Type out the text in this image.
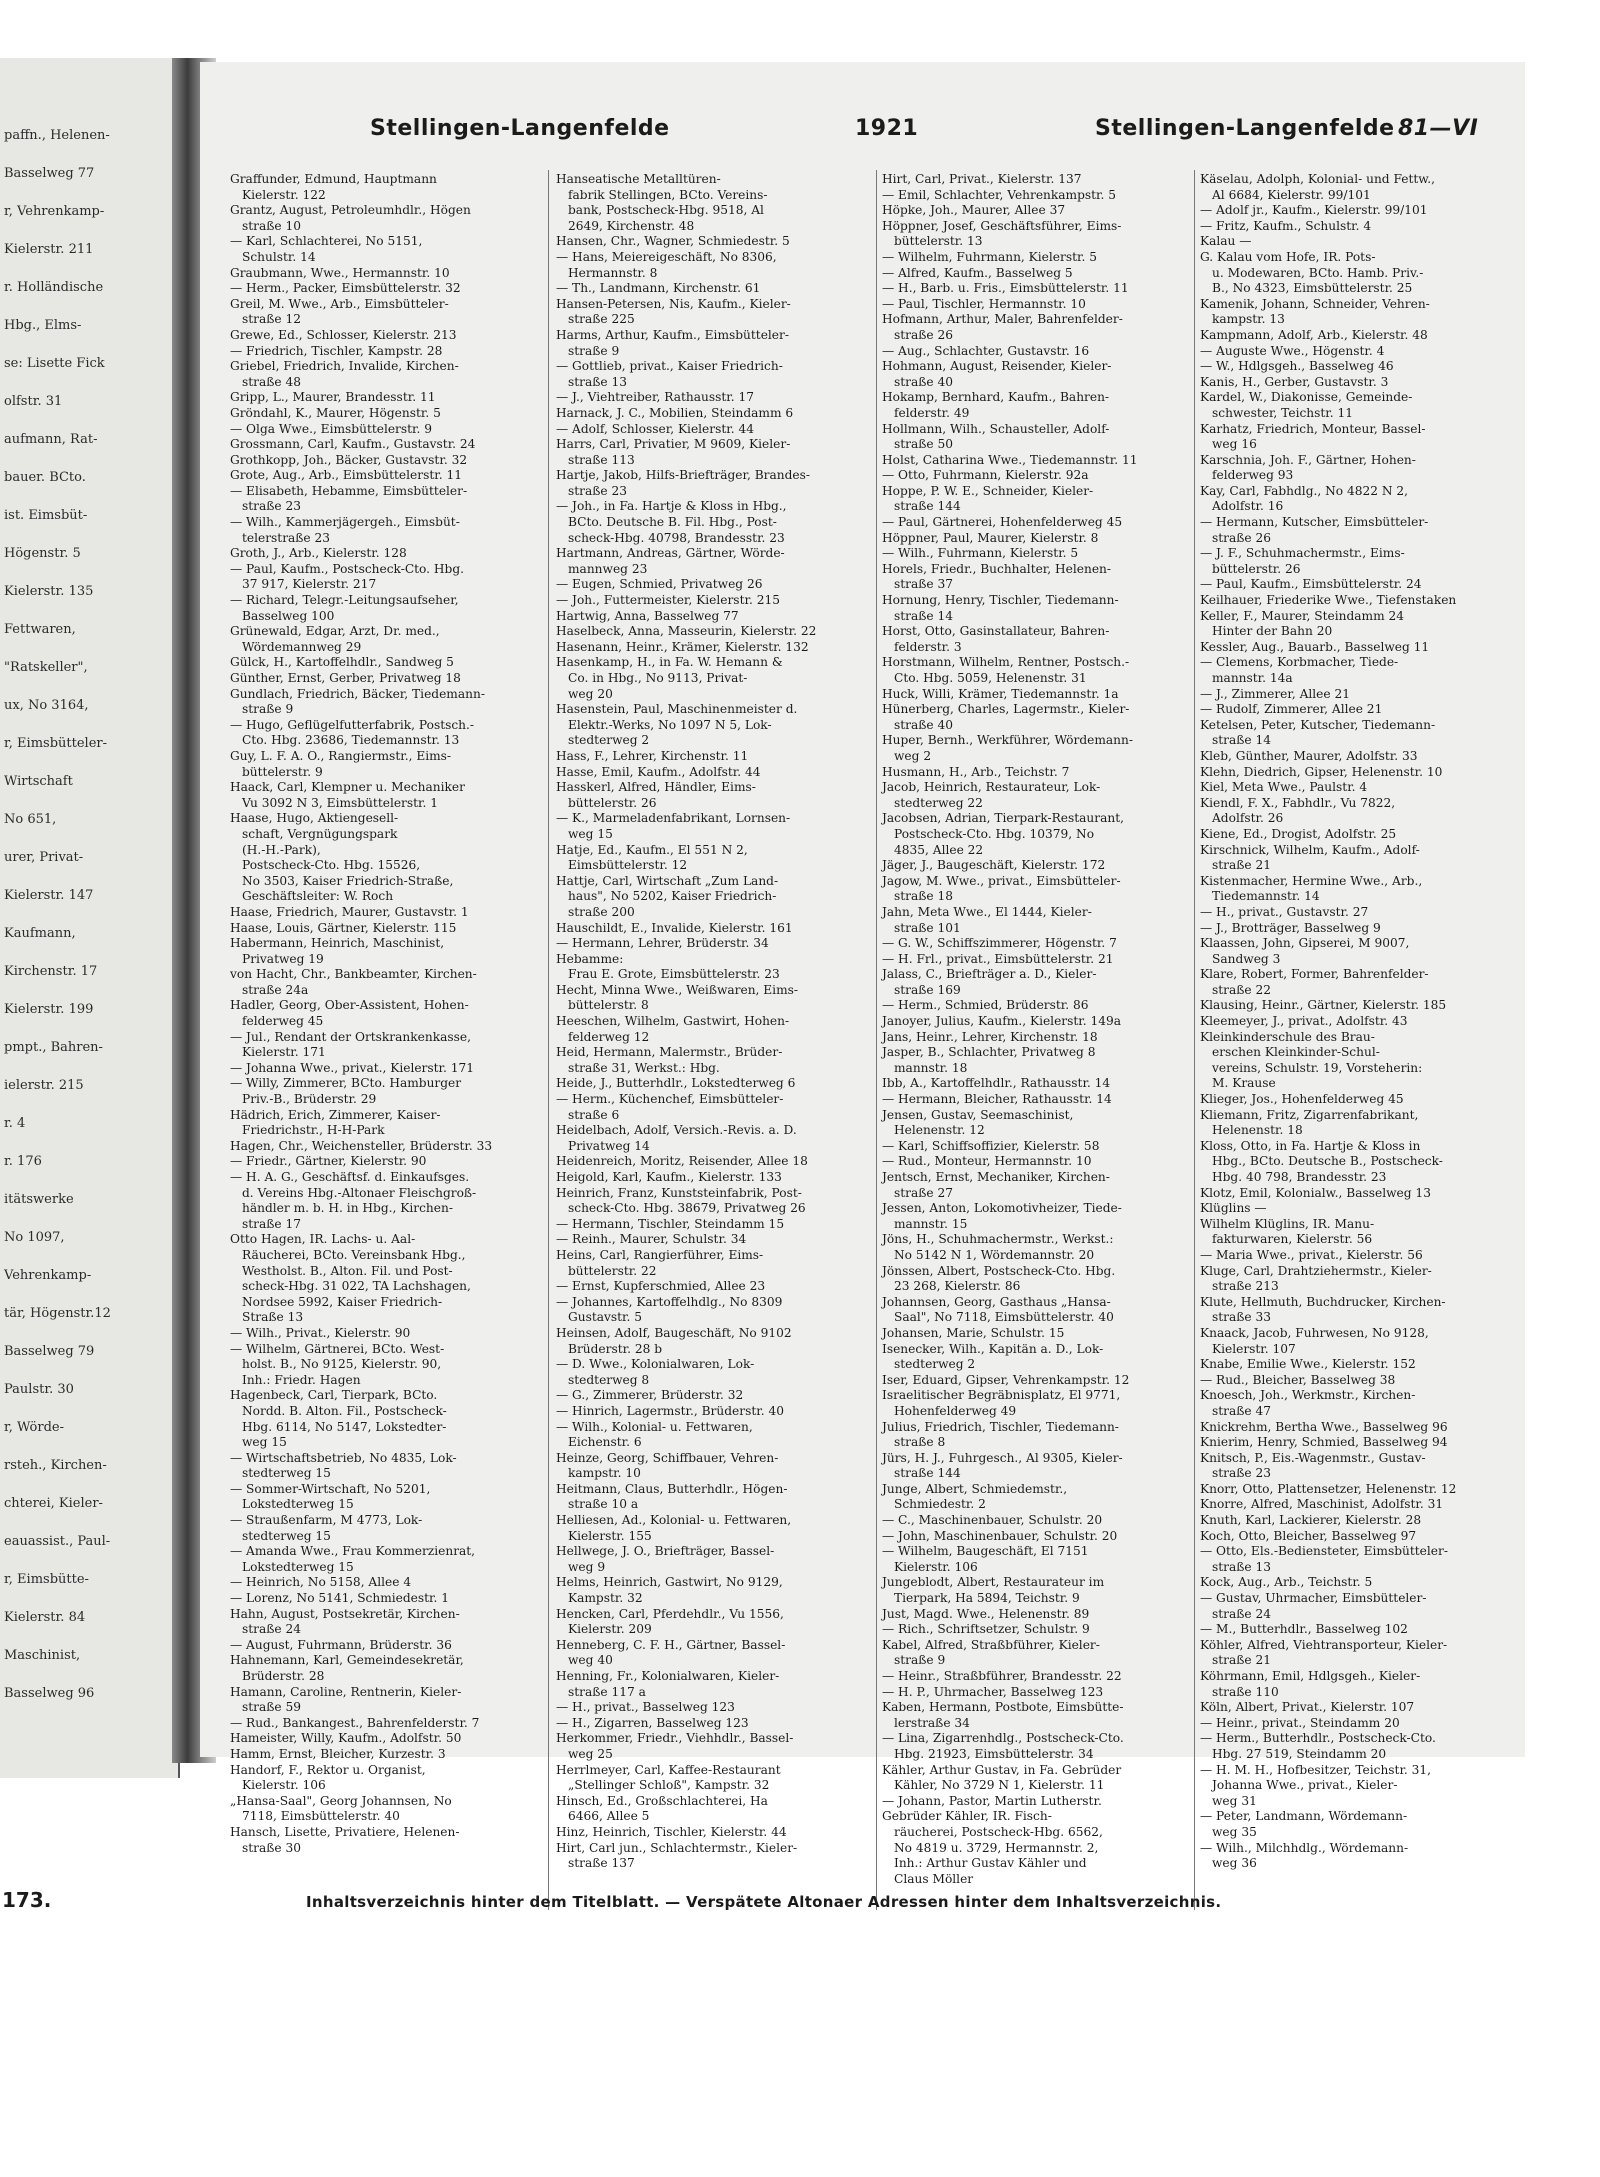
paffn., Helenen-
Basselweg 77
r, Vehrenkamp-
Kielerstr. 211
r. Holländische
Hbg., Elms-
se: Lisette Fick
olfstr. 31
aufmann, Rat-
bauer. BCto.
ist. Eimsbüt-
Högenstr. 5
Kielerstr. 135
Fettwaren,
"Ratskeller",
ux, No 3164,
r, Eimsbütteler-
Wirtschaft
No 651,
urer, Privat-
Kielerstr. 147
Kaufmann,
Kirchenstr. 17
Kielerstr. 199
pmpt., Bahren-
ielerstr. 215
r. 4
r. 176
itätswerke
No 1097,
Vehrenkamp-
tär, Högenstr.12
Basselweg 79
Paulstr. 30
r, Wörde-
rsteh., Kirchen-
chterei, Kieler-
eauassist., Paul-
r, Eimsbütte-
Kielerstr. 84
Maschinist,
Basselweg 96
Stellingen-Langenfelde	1921	Stellingen-Langenfelde 81—VI
Graffunder, Edmund, Hauptmann
Kielerstr. 122
Grantz, August, Petroleumhdlr., Högen
straße 10
— Karl, Schlachterei, No 5151,
Schulstr. 14
Graubmann, Wwe., Hermannstr. 10
— Herm., Packer, Eimsbüttelerstr. 32
Greil, M. Wwe., Arb., Eimsbütteler-
straße 12
Grewe, Ed., Schlosser, Kielerstr. 213
— Friedrich, Tischler, Kampstr. 28
Griebel, Friedrich, Invalide, Kirchen-
straße 48
Gripp, L., Maurer, Brandesstr. 11
Gröndahl, K., Maurer, Högenstr. 5
— Olga Wwe., Eimsbüttelerstr. 9
Grossmann, Carl, Kaufm., Gustavstr. 24
Grothkopp, Joh., Bäcker, Gustavstr. 32
Grote, Aug., Arb., Eimsbüttelerstr. 11
— Elisabeth, Hebamme, Eimsbütteler-
straße 23
— Wilh., Kammerjägergeh., Eimsbüt-
telerstraße 23
Groth, J., Arb., Kielerstr. 128
— Paul, Kaufm., Postscheck-Cto. Hbg.
37 917, Kielerstr. 217
— Richard, Telegr.-Leitungsaufseher,
Basselweg 100
Grünewald, Edgar, Arzt, Dr. med.,
Wördemannweg 29
Gülck, H., Kartoffelhdlr., Sandweg 5
Günther, Ernst, Gerber, Privatweg 18
Gundlach, Friedrich, Bäcker, Tiedemann-
straße 9
— Hugo, Geflügelfutterfabrik, Postsch.-
Cto. Hbg. 23686, Tiedemannstr. 13
Guy, L. F. A. O., Rangiermstr., Eims-
büttelerstr. 9
Haack, Carl, Klempner u. Mechaniker
Vu 3092 N 3, Eimsbüttelerstr. 1
Haase, Hugo, Aktiengesell-
schaft, Vergnügungspark
(H.-H.-Park),
Postscheck-Cto. Hbg. 15526,
No 3503, Kaiser Friedrich-Straße,
Geschäftsleiter: W. Roch
Haase, Friedrich, Maurer, Gustavstr. 1
Haase, Louis, Gärtner, Kielerstr. 115
Habermann, Heinrich, Maschinist,
Privatweg 19
von Hacht, Chr., Bankbeamter, Kirchen-
straße 24a
Hadler, Georg, Ober-Assistent, Hohen-
felderweg 45
— Jul., Rendant der Ortskrankenkasse,
Kielerstr. 171
— Johanna Wwe., privat., Kielerstr. 171
— Willy, Zimmerer, BCto. Hamburger
Priv.-B., Brüderstr. 29
Hädrich, Erich, Zimmerer, Kaiser-
Friedrichstr., H-H-Park
Hagen, Chr., Weichensteller, Brüderstr. 33
— Friedr., Gärtner, Kielerstr. 90
— H. A. G., Geschäftsf. d. Einkaufsges.
d. Vereins Hbg.-Altonaer Fleischgroß-
händler m. b. H. in Hbg., Kirchen-
straße 17
Otto Hagen, IR. Lachs- u. Aal-
Räucherei, BCto. Vereinsbank Hbg.,
Westholst. B., Alton. Fil. und Post-
scheck-Hbg. 31 022, TA Lachshagen,
Nordsee 5992, Kaiser Friedrich-
Straße 13
— Wilh., Privat., Kielerstr. 90
— Wilhelm, Gärtnerei, BCto. West-
holst. B., No 9125, Kielerstr. 90,
Inh.: Friedr. Hagen
Hagenbeck, Carl, Tierpark, BCto.
Nordd. B. Alton. Fil., Postscheck-
Hbg. 6114, No 5147, Lokstedter-
weg 15
— Wirtschaftsbetrieb, No 4835, Lok-
stedterweg 15
— Sommer-Wirtschaft, No 5201,
Lokstedterweg 15
— Straußenfarm, M 4773, Lok-
stedterweg 15
— Amanda Wwe., Frau Kommerzienrat,
Lokstedterweg 15
— Heinrich, No 5158, Allee 4
— Lorenz, No 5141, Schmiedestr. 1
Hahn, August, Postsekretär, Kirchen-
straße 24
— August, Fuhrmann, Brüderstr. 36
Hahnemann, Karl, Gemeindesekretär,
Brüderstr. 28
Hamann, Caroline, Rentnerin, Kieler-
straße 59
— Rud., Bankangest., Bahrenfelderstr. 7
Hameister, Willy, Kaufm., Adolfstr. 50
Hamm, Ernst, Bleicher, Kurzestr. 3
Handorf, F., Rektor u. Organist,
Kielerstr. 106
„Hansa-Saal", Georg Johannsen, No
7118, Eimsbüttelerstr. 40
Hansch, Lisette, Privatiere, Helenen-
straße 30
Hanseatische Metalltüren-
fabrik Stellingen, BCto. Vereins-
bank, Postscheck-Hbg. 9518, Al
2649, Kirchenstr. 48
Hansen, Chr., Wagner, Schmiedestr. 5
— Hans, Meiereigeschäft, No 8306,
Hermannstr. 8
— Th., Landmann, Kirchenstr. 61
Hansen-Petersen, Nis, Kaufm., Kieler-
straße 225
Harms, Arthur, Kaufm., Eimsbütteler-
straße 9
— Gottlieb, privat., Kaiser Friedrich-
straße 13
— J., Viehtreiber, Rathausstr. 17
Harnack, J. C., Mobilien, Steindamm 6
— Adolf, Schlosser, Kielerstr. 44
Harrs, Carl, Privatier, M 9609, Kieler-
straße 113
Hartje, Jakob, Hilfs-Briefträger, Brandes-
straße 23
— Joh., in Fa. Hartje & Kloss in Hbg.,
BCto. Deutsche B. Fil. Hbg., Post-
scheck-Hbg. 40798, Brandesstr. 23
Hartmann, Andreas, Gärtner, Wörde-
mannweg 23
— Eugen, Schmied, Privatweg 26
— Joh., Futtermeister, Kielerstr. 215
Hartwig, Anna, Basselweg 77
Haselbeck, Anna, Masseurin, Kielerstr. 22
Hasenann, Heinr., Krämer, Kielerstr. 132
Hasenkamp, H., in Fa. W. Hemann &
Co. in Hbg., No 9113, Privat-
weg 20
Hasenstein, Paul, Maschinenmeister d.
Elektr.-Werks, No 1097 N 5, Lok-
stedterweg 2
Hass, F., Lehrer, Kirchenstr. 11
Hasse, Emil, Kaufm., Adolfstr. 44
Hasskerl, Alfred, Händler, Eims-
büttelerstr. 26
— K., Marmeladenfabrikant, Lornsen-
weg 15
Hatje, Ed., Kaufm., El 551 N 2,
Eimsbüttelerstr. 12
Hattje, Carl, Wirtschaft „Zum Land-
haus", No 5202, Kaiser Friedrich-
straße 200
Hauschildt, E., Invalide, Kielerstr. 161
— Hermann, Lehrer, Brüderstr. 34
Hebamme:
Frau E. Grote, Eimsbüttelerstr. 23
Hecht, Minna Wwe., Weißwaren, Eims-
büttelerstr. 8
Heeschen, Wilhelm, Gastwirt, Hohen-
felderweg 12
Heid, Hermann, Malermstr., Brüder-
straße 31, Werkst.: Hbg.
Heide, J., Butterhdlr., Lokstedterweg 6
— Herm., Küchenchef, Eimsbütteler-
straße 6
Heidelbach, Adolf, Versich.-Revis. a. D.
Privatweg 14
Heidenreich, Moritz, Reisender, Allee 18
Heigold, Karl, Kaufm., Kielerstr. 133
Heinrich, Franz, Kunststeinfabrik, Post-
scheck-Cto. Hbg. 38679, Privatweg 26
— Hermann, Tischler, Steindamm 15
— Reinh., Maurer, Schulstr. 34
Heins, Carl, Rangierführer, Eims-
büttelerstr. 22
— Ernst, Kupferschmied, Allee 23
— Johannes, Kartoffelhdlg., No 8309
Gustavstr. 5
Heinsen, Adolf, Baugeschäft, No 9102
Brüderstr. 28 b
— D. Wwe., Kolonialwaren, Lok-
stedterweg 8
— G., Zimmerer, Brüderstr. 32
— Hinrich, Lagermstr., Brüderstr. 40
— Wilh., Kolonial- u. Fettwaren,
Eichenstr. 6
Heinze, Georg, Schiffbauer, Vehren-
kampstr. 10
Heitmann, Claus, Butterhdlr., Högen-
straße 10 a
Helliesen, Ad., Kolonial- u. Fettwaren,
Kielerstr. 155
Hellwege, J. O., Briefträger, Bassel-
weg 9
Helms, Heinrich, Gastwirt, No 9129,
Kampstr. 32
Hencken, Carl, Pferdehdlr., Vu 1556,
Kielerstr. 209
Henneberg, C. F. H., Gärtner, Bassel-
weg 40
Henning, Fr., Kolonialwaren, Kieler-
straße 117 a
— H., privat., Basselweg 123
— H., Zigarren, Basselweg 123
Herkommer, Friedr., Viehhdlr., Bassel-
weg 25
Herrlmeyer, Carl, Kaffee-Restaurant
„Stellinger Schloß", Kampstr. 32
Hinsch, Ed., Großschlachterei, Ha
6466, Allee 5
Hinz, Heinrich, Tischler, Kielerstr. 44
Hirt, Carl jun., Schlachtermstr., Kieler-
straße 137
Hirt, Carl, Privat., Kielerstr. 137
— Emil, Schlachter, Vehrenkampstr. 5
Höpke, Joh., Maurer, Allee 37
Höppner, Josef, Geschäftsführer, Eims-
büttelerstr. 13
— Wilhelm, Fuhrmann, Kielerstr. 5
— Alfred, Kaufm., Basselweg 5
— H., Barb. u. Fris., Eimsbüttelerstr. 11
— Paul, Tischler, Hermannstr. 10
Hofmann, Arthur, Maler, Bahrenfelder-
straße 26
— Aug., Schlachter, Gustavstr. 16
Hohmann, August, Reisender, Kieler-
straße 40
Hokamp, Bernhard, Kaufm., Bahren-
felderstr. 49
Hollmann, Wilh., Schausteller, Adolf-
straße 50
Holst, Catharina Wwe., Tiedemannstr. 11
— Otto, Fuhrmann, Kielerstr. 92a
Hoppe, P. W. E., Schneider, Kieler-
straße 144
— Paul, Gärtnerei, Hohenfelderweg 45
Höppner, Paul, Maurer, Kielerstr. 8
— Wilh., Fuhrmann, Kielerstr. 5
Horels, Friedr., Buchhalter, Helenen-
straße 37
Hornung, Henry, Tischler, Tiedemann-
straße 14
Horst, Otto, Gasinstallateur, Bahren-
felderstr. 3
Horstmann, Wilhelm, Rentner, Postsch.-
Cto. Hbg. 5059, Helenenstr. 31
Huck, Willi, Krämer, Tiedemannstr. 1a
Hünerberg, Charles, Lagermstr., Kieler-
straße 40
Huper, Bernh., Werkführer, Wördemann-
weg 2
Husmann, H., Arb., Teichstr. 7
Jacob, Heinrich, Restaurateur, Lok-
stedterweg 22
Jacobsen, Adrian, Tierpark-Restaurant,
Postscheck-Cto. Hbg. 10379, No
4835, Allee 22
Jäger, J., Baugeschäft, Kielerstr. 172
Jagow, M. Wwe., privat., Eimsbütteler-
straße 18
Jahn, Meta Wwe., El 1444, Kieler-
straße 101
— G. W., Schiffszimmerer, Högenstr. 7
— H. Frl., privat., Eimsbüttelerstr. 21
Jalass, C., Briefträger a. D., Kieler-
straße 169
— Herm., Schmied, Brüderstr. 86
Janoyer, Julius, Kaufm., Kielerstr. 149a
Jans, Heinr., Lehrer, Kirchenstr. 18
Jasper, B., Schlachter, Privatweg 8
mannstr. 18
Ibb, A., Kartoffelhdlr., Rathausstr. 14
— Hermann, Bleicher, Rathausstr. 14
Jensen, Gustav, Seemaschinist,
Helenenstr. 12
— Karl, Schiffsoffizier, Kielerstr. 58
— Rud., Monteur, Hermannstr. 10
Jentsch, Ernst, Mechaniker, Kirchen-
straße 27
Jessen, Anton, Lokomotivheizer, Tiede-
mannstr. 15
Jöns, H., Schuhmachermstr., Werkst.:
No 5142 N 1, Wördemannstr. 20
Jönssen, Albert, Postscheck-Cto. Hbg.
23 268, Kielerstr. 86
Johannsen, Georg, Gasthaus „Hansa-
Saal", No 7118, Eimsbüttelerstr. 40
Johansen, Marie, Schulstr. 15
Isenecker, Wilh., Kapitän a. D., Lok-
stedterweg 2
Iser, Eduard, Gipser, Vehrenkampstr. 12
Israelitischer Begräbnisplatz, El 9771,
Hohenfelderweg 49
Julius, Friedrich, Tischler, Tiedemann-
straße 8
Jürs, H. J., Fuhrgesch., Al 9305, Kieler-
straße 144
Junge, Albert, Schmiedemstr.,
Schmiedestr. 2
— C., Maschinenbauer, Schulstr. 20
— John, Maschinenbauer, Schulstr. 20
— Wilhelm, Baugeschäft, El 7151
Kielerstr. 106
Jungeblodt, Albert, Restaurateur im
Tierpark, Ha 5894, Teichstr. 9
Just, Magd. Wwe., Helenenstr. 89
— Rich., Schriftsetzer, Schulstr. 9
Kabel, Alfred, Straßbführer, Kieler-
straße 9
— Heinr., Straßbführer, Brandesstr. 22
— H. P., Uhrmacher, Basselweg 123
Kaben, Hermann, Postbote, Eimsbütte-
lerstraße 34
— Lina, Zigarrenhdlg., Postscheck-Cto.
Hbg. 21923, Eimsbüttelerstr. 34
Kähler, Arthur Gustav, in Fa. Gebrüder
Kähler, No 3729 N 1, Kielerstr. 11
— Johann, Pastor, Martin Lutherstr.
Gebrüder Kähler, IR. Fisch-
räucherei, Postscheck-Hbg. 6562,
No 4819 u. 3729, Hermannstr. 2,
Inh.: Arthur Gustav Kähler und
Claus Möller
Käselau, Adolph, Kolonial- und Fettw.,
Al 6684, Kielerstr. 99/101
— Adolf jr., Kaufm., Kielerstr. 99/101
— Fritz, Kaufm., Schulstr. 4
Kalau —
G. Kalau vom Hofe, IR. Pots-
u. Modewaren, BCto. Hamb. Priv.-
B., No 4323, Eimsbüttelerstr. 25
Kamenik, Johann, Schneider, Vehren-
kampstr. 13
Kampmann, Adolf, Arb., Kielerstr. 48
— Auguste Wwe., Högenstr. 4
— W., Hdlgsgeh., Basselweg 46
Kanis, H., Gerber, Gustavstr. 3
Kardel, W., Diakonisse, Gemeinde-
schwester, Teichstr. 11
Karhatz, Friedrich, Monteur, Bassel-
weg 16
Karschnia, Joh. F., Gärtner, Hohen-
felderweg 93
Kay, Carl, Fabhdlg., No 4822 N 2,
Adolfstr. 16
— Hermann, Kutscher, Eimsbütteler-
straße 26
— J. F., Schuhmachermstr., Eims-
büttelerstr. 26
— Paul, Kaufm., Eimsbüttelerstr. 24
Keilhauer, Friederike Wwe., Tiefenstaken
Keller, F., Maurer, Steindamm 24
Hinter der Bahn 20
Kessler, Aug., Bauarb., Basselweg 11
— Clemens, Korbmacher, Tiede-
mannstr. 14a
— J., Zimmerer, Allee 21
— Rudolf, Zimmerer, Allee 21
Ketelsen, Peter, Kutscher, Tiedemann-
straße 14
Kleb, Günther, Maurer, Adolfstr. 33
Klehn, Diedrich, Gipser, Helenenstr. 10
Kiel, Meta Wwe., Paulstr. 4
Kiendl, F. X., Fabhdlr., Vu 7822,
Adolfstr. 26
Kiene, Ed., Drogist, Adolfstr. 25
Kirschnick, Wilhelm, Kaufm., Adolf-
straße 21
Kistenmacher, Hermine Wwe., Arb.,
Tiedemannstr. 14
— H., privat., Gustavstr. 27
— J., Brotträger, Basselweg 9
Klaassen, John, Gipserei, M 9007,
Sandweg 3
Klare, Robert, Former, Bahrenfelder-
straße 22
Klausing, Heinr., Gärtner, Kielerstr. 185
Kleemeyer, J., privat., Adolfstr. 43
Kleinkinderschule des Brau-
erschen Kleinkinder-Schul-
vereins, Schulstr. 19, Vorsteherin:
M. Krause
Klieger, Jos., Hohenfelderweg 45
Kliemann, Fritz, Zigarrenfabrikant,
Helenenstr. 18
Kloss, Otto, in Fa. Hartje & Kloss in
Hbg., BCto. Deutsche B., Postscheck-
Hbg. 40 798, Brandesstr. 23
Klotz, Emil, Kolonialw., Basselweg 13
Klüglins —
Wilhelm Klüglins, IR. Manu-
fakturwaren, Kielerstr. 56
— Maria Wwe., privat., Kielerstr. 56
Kluge, Carl, Drahtziehermstr., Kieler-
straße 213
Klute, Hellmuth, Buchdrucker, Kirchen-
straße 33
Knaack, Jacob, Fuhrwesen, No 9128,
Kielerstr. 107
Knabe, Emilie Wwe., Kielerstr. 152
— Rud., Bleicher, Basselweg 38
Knoesch, Joh., Werkmstr., Kirchen-
straße 47
Knickrehm, Bertha Wwe., Basselweg 96
Knierim, Henry, Schmied, Basselweg 94
Knitsch, P., Eis.-Wagenmstr., Gustav-
straße 23
Knorr, Otto, Plattensetzer, Helenenstr. 12
Knorre, Alfred, Maschinist, Adolfstr. 31
Knuth, Karl, Lackierer, Kielerstr. 28
Koch, Otto, Bleicher, Basselweg 97
— Otto, Els.-Bediensteter, Eimsbütteler-
straße 13
Kock, Aug., Arb., Teichstr. 5
— Gustav, Uhrmacher, Eimsbütteler-
straße 24
— M., Butterhdlr., Basselweg 102
Köhler, Alfred, Viehtransporteur, Kieler-
straße 21
Köhrmann, Emil, Hdlgsgeh., Kieler-
straße 110
Köln, Albert, Privat., Kielerstr. 107
— Heinr., privat., Steindamm 20
— Herm., Butterhdlr., Postscheck-Cto.
Hbg. 27 519, Steindamm 20
— H. M. H., Hofbesitzer, Teichstr. 31,
Johanna Wwe., privat., Kieler-
weg 31
— Peter, Landmann, Wördemann-
weg 35
— Wilh., Milchhdlg., Wördemann-
weg 36
173.	Inhaltsverzeichnis hinter dem Titelblatt. — Verspätete Altonaer Adressen hinter dem Inhaltsverzeichnis.
